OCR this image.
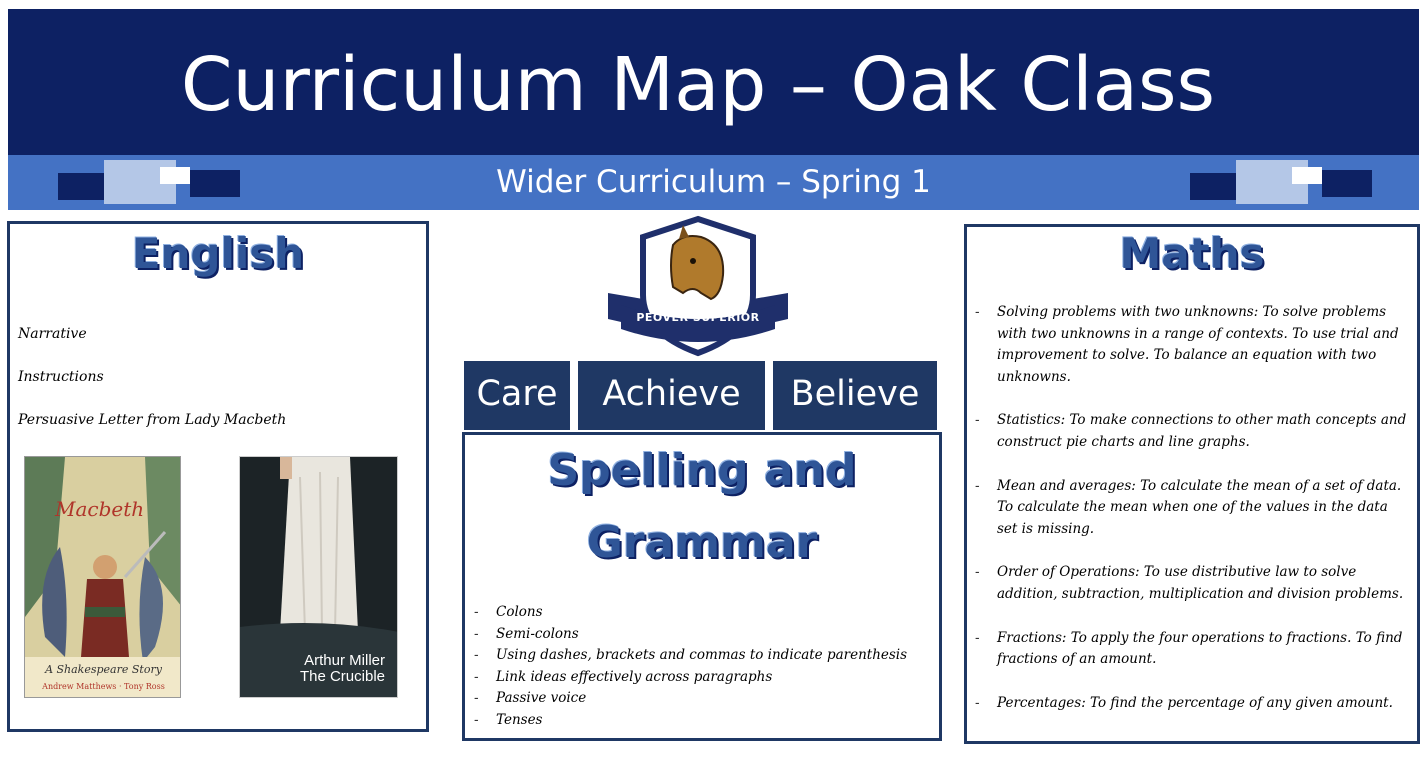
Curriculum Map – Oak Class
Wider Curriculum – Spring 1
English
Narrative
Instructions
Persuasive Letter from Lady Macbeth
Macbeth
A Shakespeare Story
Andrew Matthews · Tony Ross
Arthur Miller
The Crucible
PEOVER SUPERIOR
Care	Achieve	Believe
Spelling and
Grammar
- Colons
- Semi-colons
- Using dashes, brackets and commas to indicate parenthesis
- Link ideas effectively across paragraphs
- Passive voice
- Tenses
Maths
- Solving problems with two unknowns: To solve problems with two unknowns in a range of contexts. To use trial and improvement to solve. To balance an equation with two unknowns.
- Statistics: To make connections to other math concepts and construct pie charts and line graphs.
- Mean and averages: To calculate the mean of a set of data. To calculate the mean when one of the values in the data set is missing.
- Order of Operations: To use distributive law to solve addition, subtraction, multiplication and division problems.
- Fractions: To apply the four operations to fractions. To find fractions of an amount.
- Percentages: To find the percentage of any given amount.
